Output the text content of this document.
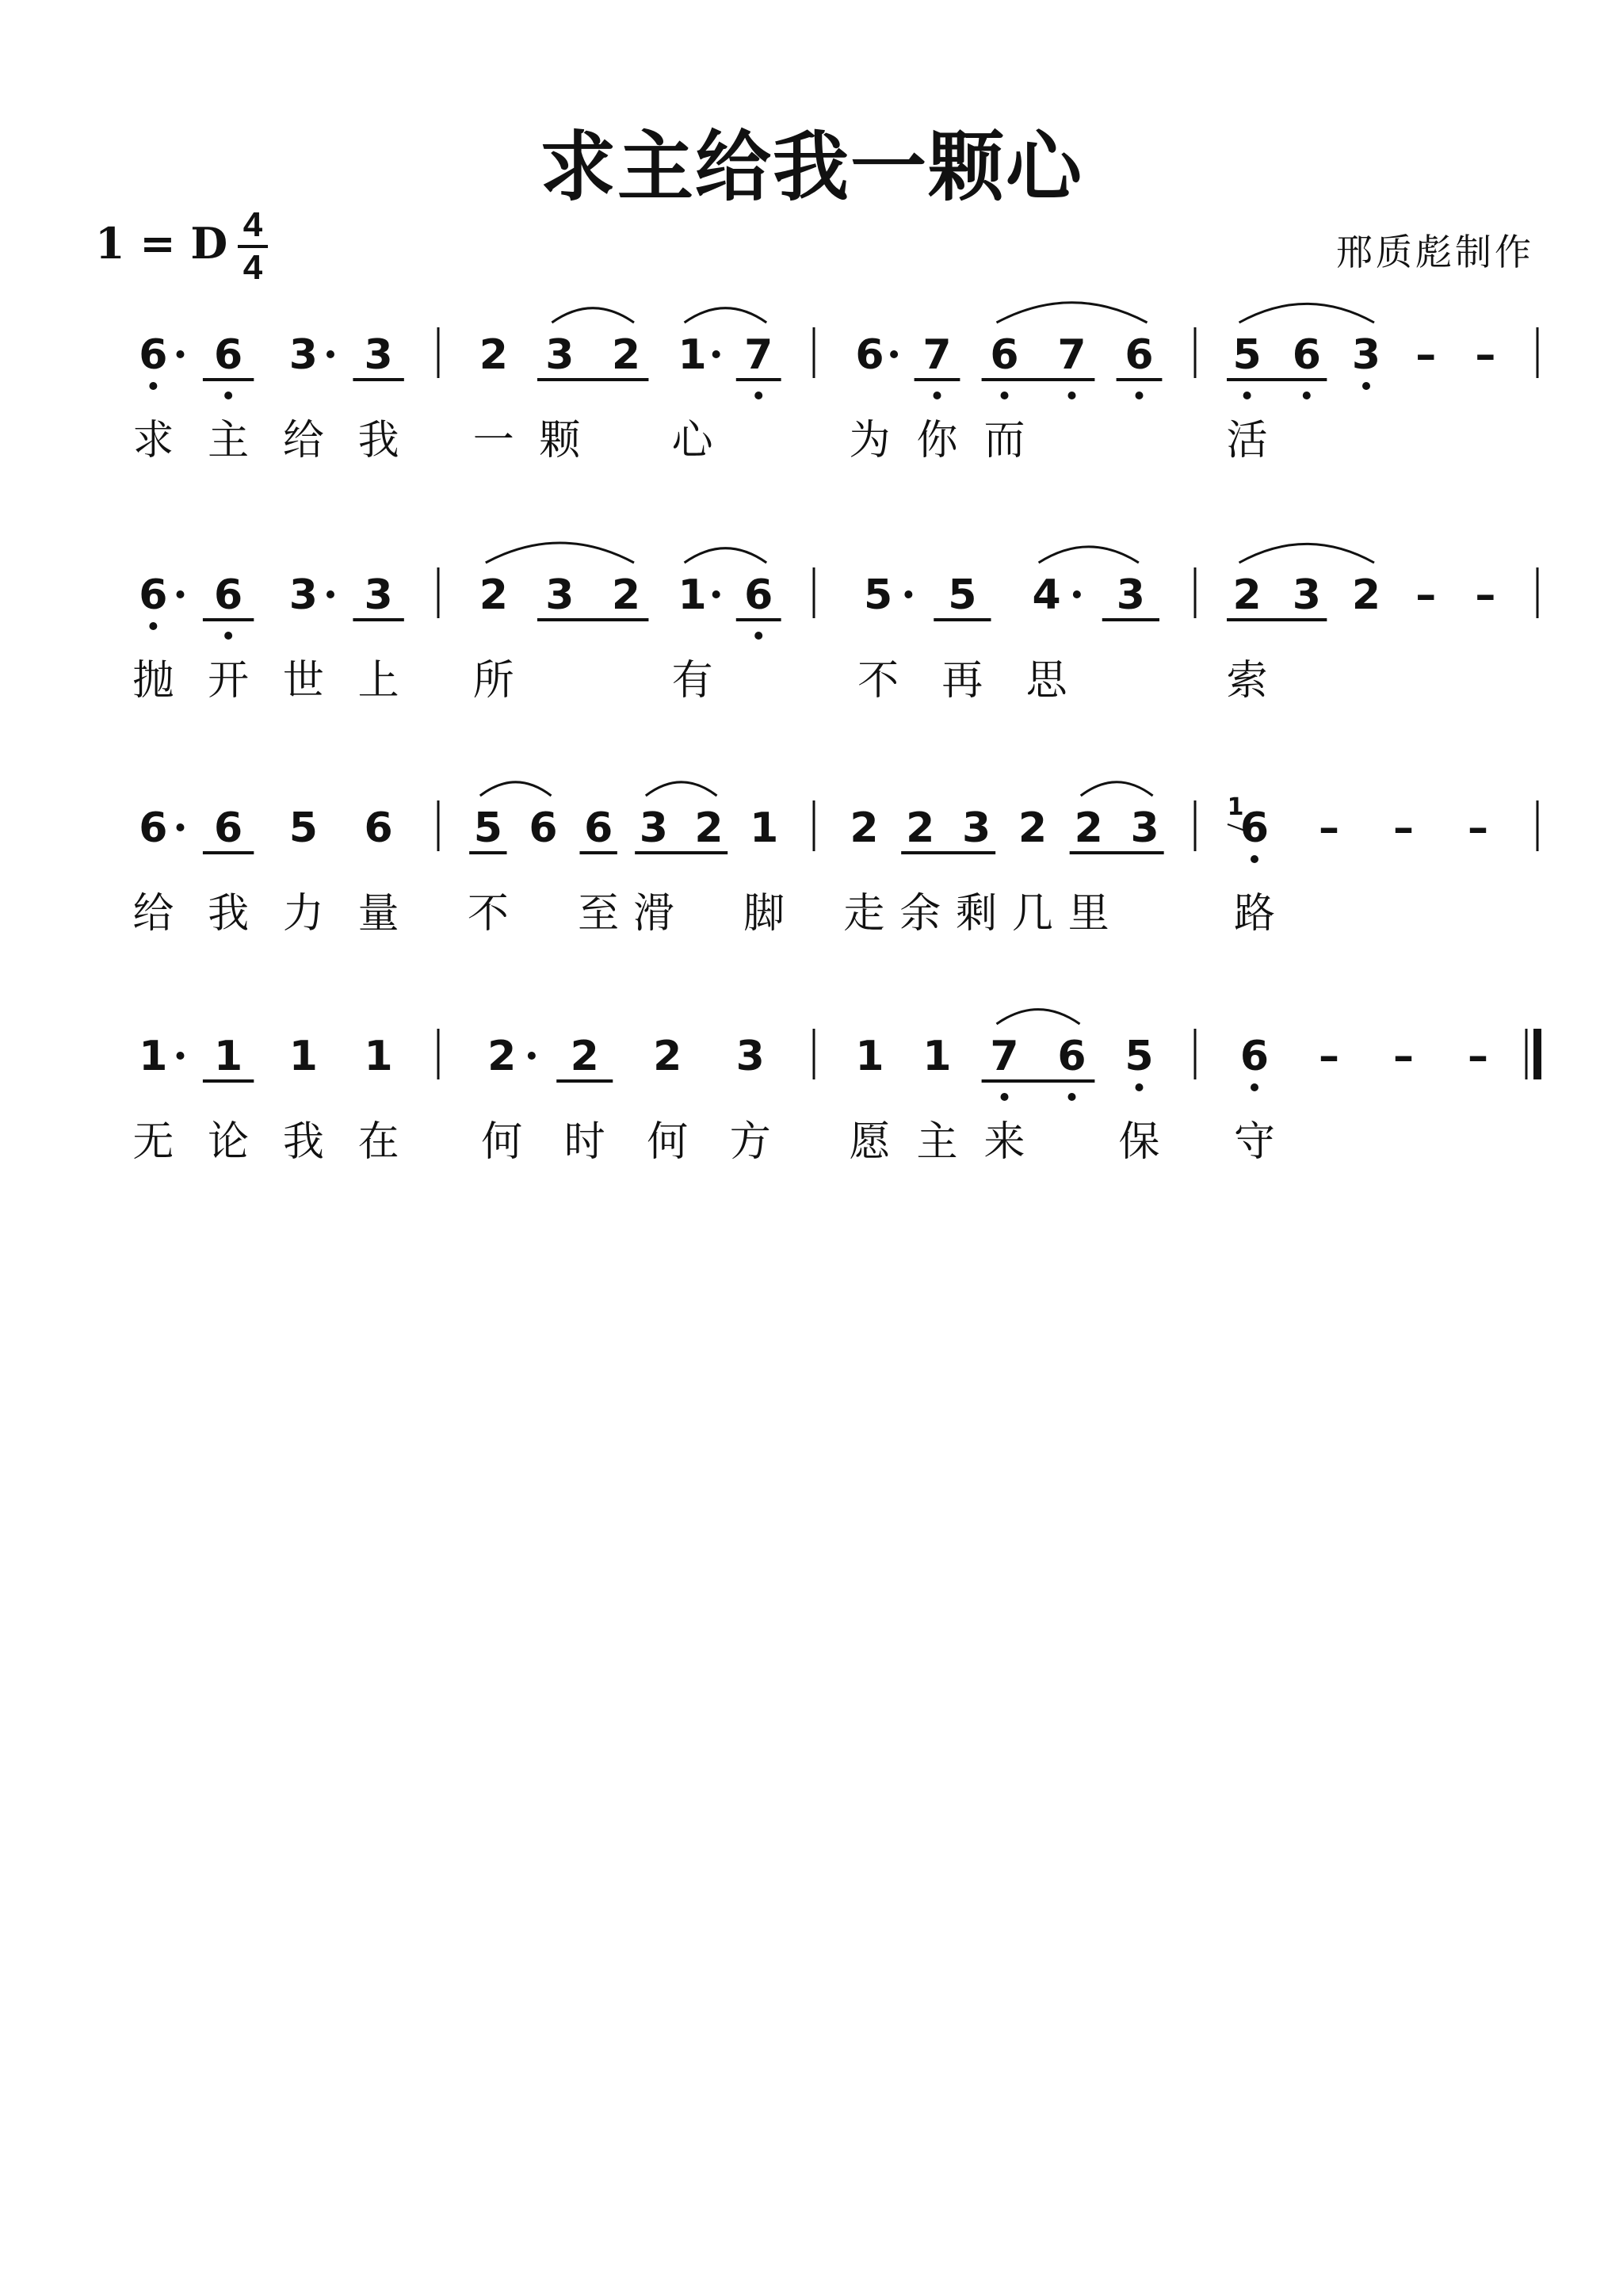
求主给我一颗心
1 = D 4
4	邢质彪制作
6 6 3 3 2 3 2 1 7 6 7 6 7 6 5 6 3 – –
求 主 给 我 一 颗 心	为 你 而	活
6 6 3 3 2 3 2 1 6 5 5 4 3 2 3 2 – –
抛 开 世 上 所	有	不 再 思	索
6 6 5 6 5 6 6 3 2 1 2 2 3 2 2 3 6
1 – – –
给 我 力 量 不 至 滑 脚 走 余 剩 几 里	路
1 1 1 1 2 2 2 3 1 1 7 6 5 6 – – –
无 论 我 在 何 时 何 方 愿 主 来 保 守
